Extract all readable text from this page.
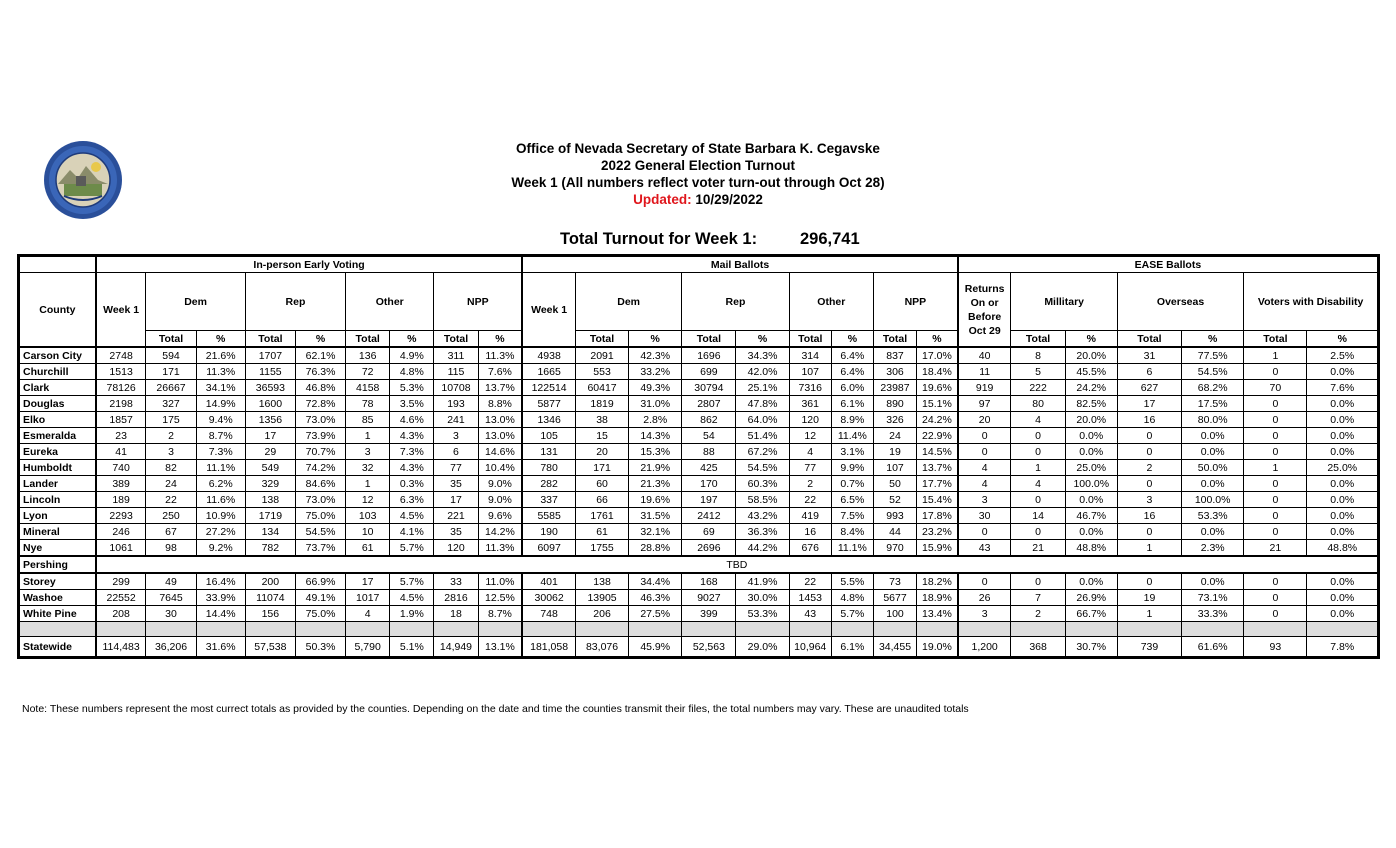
Office of Nevada Secretary of State Barbara K. Cegavske
2022 General Election Turnout
Week 1 (All numbers reflect voter turn-out through Oct 28)
Updated: 10/29/2022
Total Turnout for Week 1:	296,741
	In-person Early Voting									Mail Ballots									EASE Ballots						
County	Week 1	Dem		Rep		Other		NPP		Week 1	Dem		Rep		Other		NPP		Returns On or Before Oct 29	Millitary		Overseas		Voters with Disability	
		Total	%	Total	%	Total	%	Total	%		Total	%	Total	%	Total	%	Total	%		Total	%	Total	%	Total	%
Carson City	2748	594	21.6%	1707	62.1%	136	4.9%	311	11.3%	4938	2091	42.3%	1696	34.3%	314	6.4%	837	17.0%	40	8	20.0%	31	77.5%	1	2.5%
Churchill	1513	171	11.3%	1155	76.3%	72	4.8%	115	7.6%	1665	553	33.2%	699	42.0%	107	6.4%	306	18.4%	11	5	45.5%	6	54.5%	0	0.0%
Clark	78126	26667	34.1%	36593	46.8%	4158	5.3%	10708	13.7%	122514	60417	49.3%	30794	25.1%	7316	6.0%	23987	19.6%	919	222	24.2%	627	68.2%	70	7.6%
Douglas	2198	327	14.9%	1600	72.8%	78	3.5%	193	8.8%	5877	1819	31.0%	2807	47.8%	361	6.1%	890	15.1%	97	80	82.5%	17	17.5%	0	0.0%
Elko	1857	175	9.4%	1356	73.0%	85	4.6%	241	13.0%	1346	38	2.8%	862	64.0%	120	8.9%	326	24.2%	20	4	20.0%	16	80.0%	0	0.0%
Esmeralda	23	2	8.7%	17	73.9%	1	4.3%	3	13.0%	105	15	14.3%	54	51.4%	12	11.4%	24	22.9%	0	0	0.0%	0	0.0%	0	0.0%
Eureka	41	3	7.3%	29	70.7%	3	7.3%	6	14.6%	131	20	15.3%	88	67.2%	4	3.1%	19	14.5%	0	0	0.0%	0	0.0%	0	0.0%
Humboldt	740	82	11.1%	549	74.2%	32	4.3%	77	10.4%	780	171	21.9%	425	54.5%	77	9.9%	107	13.7%	4	1	25.0%	2	50.0%	1	25.0%
Lander	389	24	6.2%	329	84.6%	1	0.3%	35	9.0%	282	60	21.3%	170	60.3%	2	0.7%	50	17.7%	4	4	100.0%	0	0.0%	0	0.0%
Lincoln	189	22	11.6%	138	73.0%	12	6.3%	17	9.0%	337	66	19.6%	197	58.5%	22	6.5%	52	15.4%	3	0	0.0%	3	100.0%	0	0.0%
Lyon	2293	250	10.9%	1719	75.0%	103	4.5%	221	9.6%	5585	1761	31.5%	2412	43.2%	419	7.5%	993	17.8%	30	14	46.7%	16	53.3%	0	0.0%
Mineral	246	67	27.2%	134	54.5%	10	4.1%	35	14.2%	190	61	32.1%	69	36.3%	16	8.4%	44	23.2%	0	0	0.0%	0	0.0%	0	0.0%
Nye	1061	98	9.2%	782	73.7%	61	5.7%	120	11.3%	6097	1755	28.8%	2696	44.2%	676	11.1%	970	15.9%	43	21	48.8%	1	2.3%	21	48.8%
Pershing	TBD																								
Storey	299	49	16.4%	200	66.9%	17	5.7%	33	11.0%	401	138	34.4%	168	41.9%	22	5.5%	73	18.2%	0	0	0.0%	0	0.0%	0	0.0%
Washoe	22552	7645	33.9%	11074	49.1%	1017	4.5%	2816	12.5%	30062	13905	46.3%	9027	30.0%	1453	4.8%	5677	18.9%	26	7	26.9%	19	73.1%	0	0.0%
White Pine	208	30	14.4%	156	75.0%	4	1.9%	18	8.7%	748	206	27.5%	399	53.3%	43	5.7%	100	13.4%	3	2	66.7%	1	33.3%	0	0.0%

Statewide	114,483	36,206	31.6%	57,538	50.3%	5,790	5.1%	14,949	13.1%	181,058	83,076	45.9%	52,563	29.0%	10,964	6.1%	34,455	19.0%	1,200	368	30.7%	739	61.6%	93	7.8%
Note: These numbers represent the most currect totals as provided by the counties. Depending on the date and time the counties transmit their files, the total numbers may vary. These are unaudited totals
